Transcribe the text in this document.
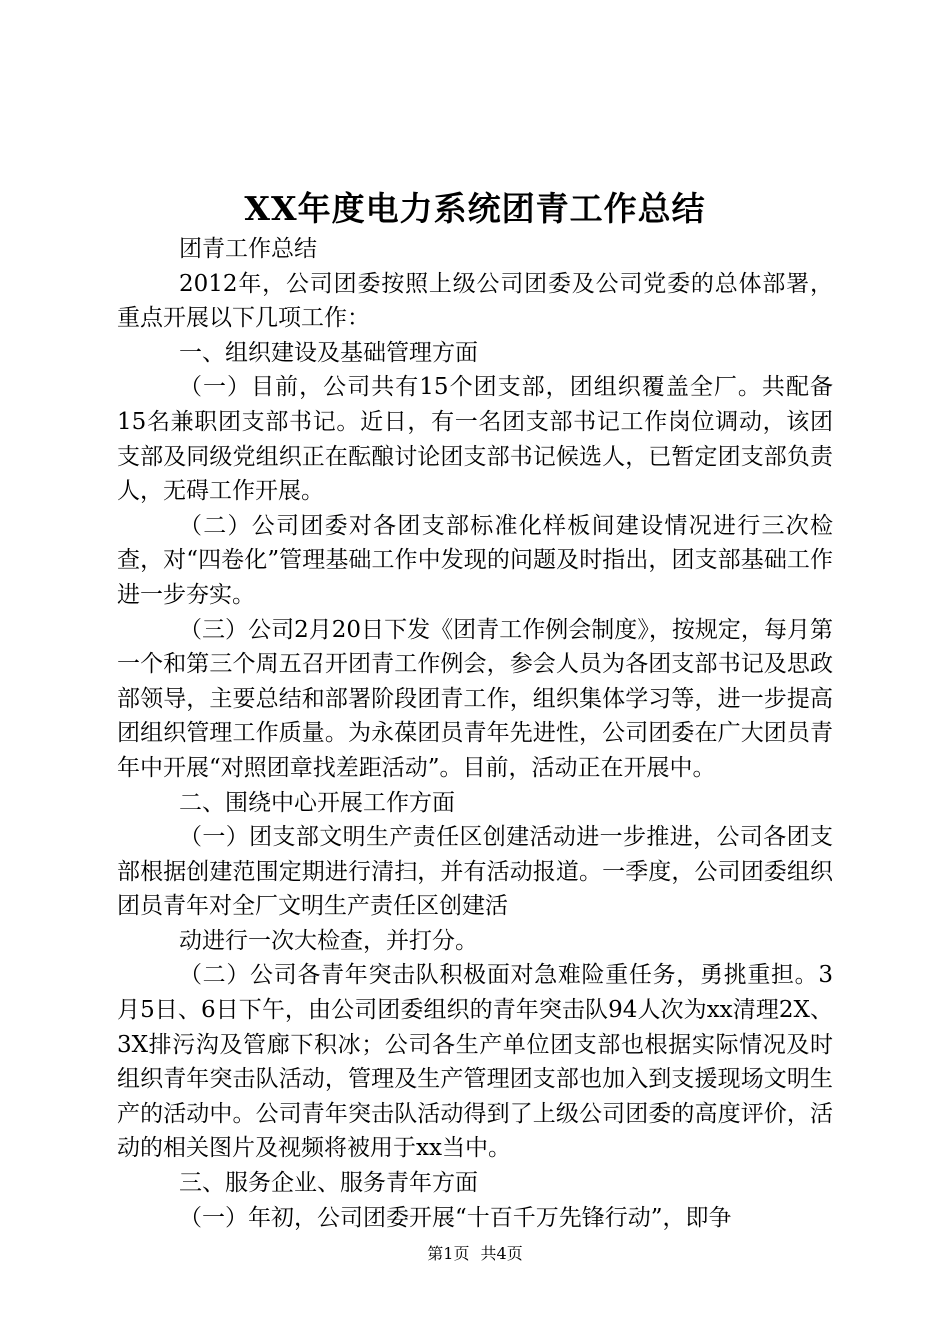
XX年度电力系统团青工作总结

团青工作总结

2012年，公司团委按照上级公司团委及公司党委的总体部署，重点开展以下几项工作：

一、组织建设及基础管理方面

（一）目前，公司共有15个团支部，团组织覆盖全厂。共配备15名兼职团支部书记。近日，有一名团支部书记工作岗位调动，该团支部及同级党组织正在酝酿讨论团支部书记候选人，已暂定团支部负责人，无碍工作开展。

（二）公司团委对各团支部标准化样板间建设情况进行三次检查，对“四卷化”管理基础工作中发现的问题及时指出，团支部基础工作进一步夯实。

（三）公司2月20日下发《团青工作例会制度》，按规定，每月第一个和第三个周五召开团青工作例会，参会人员为各团支部书记及思政部领导，主要总结和部署阶段团青工作，组织集体学习等，进一步提高团组织管理工作质量。为永葆团员青年先进性，公司团委在广大团员青年中开展“对照团章找差距活动”。目前，活动正在开展中。

二、围绕中心开展工作方面

（一）团支部文明生产责任区创建活动进一步推进，公司各团支部根据创建范围定期进行清扫，并有活动报道。一季度，公司团委组织团员青年对全厂文明生产责任区创建活

动进行一次大检查，并打分。

（二）公司各青年突击队积极面对急难险重任务，勇挑重担。3月5日、6日下午，由公司团委组织的青年突击队94人次为xx清理2X、3X排污沟及管廊下积冰；公司各生产单位团支部也根据实际情况及时组织青年突击队活动，管理及生产管理团支部也加入到支援现场文明生产的活动中。公司青年突击队活动得到了上级公司团委的高度评价，活动的相关图片及视频将被用于xx当中。

三、服务企业、服务青年方面

（一）年初，公司团委开展“十百千万先锋行动”，即争

第1页 共4页
